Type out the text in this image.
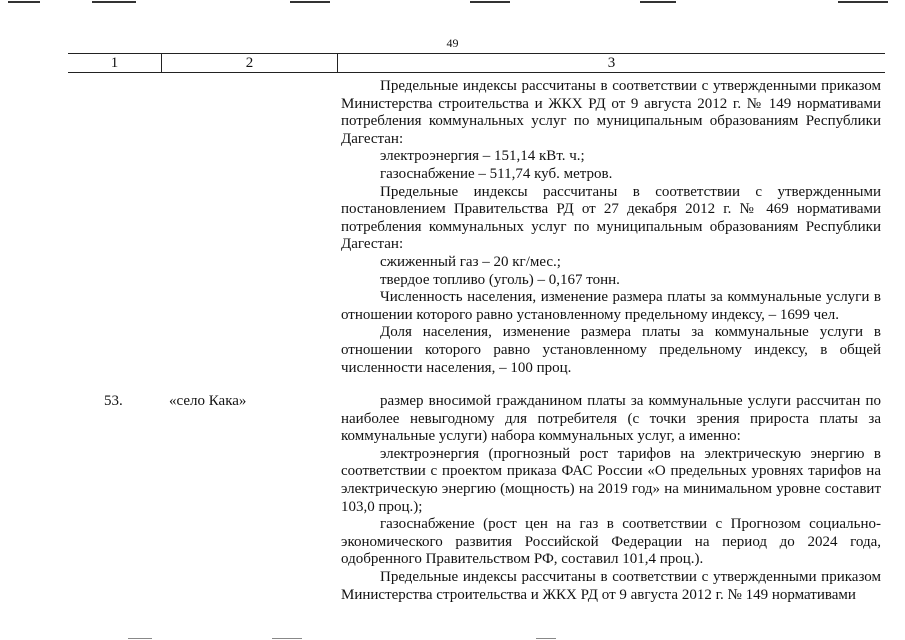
49
1	2	3

Предельные индексы рассчитаны в соответствии с утвержденными приказом Министерства строительства и ЖКХ РД от 9 августа 2012 г. № 149 нормативами потребления коммунальных услуг по муниципальным образованиям Республики Дагестан:

электроэнергия – 151,14 кВт. ч.;

газоснабжение – 511,74 куб. метров.

Предельные индексы рассчитаны в соответствии с утвержденными постановлением Правительства РД от 27 декабря 2012 г. № 469 нормативами потребления коммунальных услуг по муниципальным образованиям Республики Дагестан:

сжиженный газ – 20 кг/мес.;

твердое топливо (уголь) – 0,167 тонн.

Численность населения, изменение размера платы за коммунальные услуги в отношении которого равно установленному предельному индексу, – 1699 чел.

Доля населения, изменение размера платы за коммунальные услуги в отношении которого равно установленному предельному индексу, в общей численности населения, – 100 проц.

53.	«село Кака»	размер вносимой гражданином платы за коммунальные услуги рассчитан по наиболее невыгодному для потребителя (с точки зрения прироста платы за коммунальные услуги) набора коммунальных услуг, а именно:

электроэнергия (прогнозный рост тарифов на электрическую энергию в соответствии с проектом приказа ФАС России «О предельных уровнях тарифов на электрическую энергию (мощность) на 2019 год» на минимальном уровне составит 103,0 проц.);

газоснабжение (рост цен на газ в соответствии с Прогнозом социально-экономического развития Российской Федерации на период до 2024 года, одобренного Правительством РФ, составил 101,4 проц.).

Предельные индексы рассчитаны в соответствии с утвержденными приказом Министерства строительства и ЖКХ РД от 9 августа 2012 г. № 149 нормативами
